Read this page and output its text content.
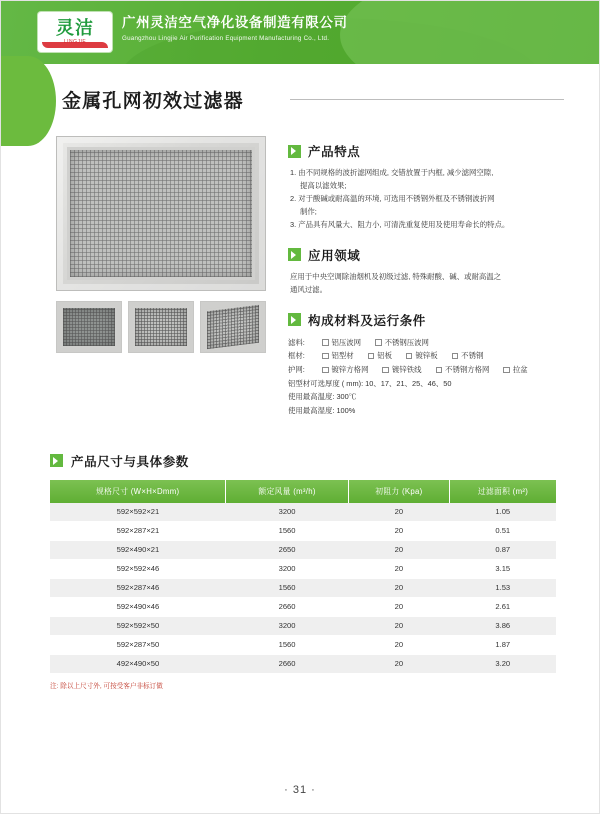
灵洁 广州灵洁空气净化设备制造有限公司
Guangzhou Lingjie Air Purification Equipment Manufacturing Co., Ltd.
金属孔网初效过滤器
产品特点

1. 由不同规格的波折滤网组成, 交错放置于内框, 减少滤网空隙,

提高以滤效果;

2. 对于酸碱或耐高温的环境, 可选用不锈钢外框及不锈钢波折网

制作;

3. 产品具有风量大、阻力小, 可清洗重复使用及使用寿命长的特点。

应用领域

应用于中央空调除油烟机及初级过滤, 特殊耐酸、碱、或耐高温之

通风过滤。

构成材料及运行条件
滤料:	铝压波网	不锈钢压波网
框材:	铝型材	铝板	镀锌板	不锈钢
护网:	镀锌方格网	镀锌铁线	不锈钢方格网	拉盆
铝型材可选厚度 ( mm): 10、17、21、25、46、50
使用最高温度: 300℃
使用最高湿度: 100%
产品尺寸与具体参数
规格尺寸 (W×H×Dmm)	额定风量 (m³/h)	初阻力 (Kpa)	过滤面积 (m²)
592×592×21	3200	20	1.05
592×287×21	1560	20	0.51
592×490×21	2650	20	0.87
592×592×46	3200	20	3.15
592×287×46	1560	20	1.53
592×490×46	2660	20	2.61
592×592×50	3200	20	3.86
592×287×50	1560	20	1.87
492×490×50	2660	20	3.20
注: 除以上尺寸外, 可按受客户非标订做
· 31 ·
